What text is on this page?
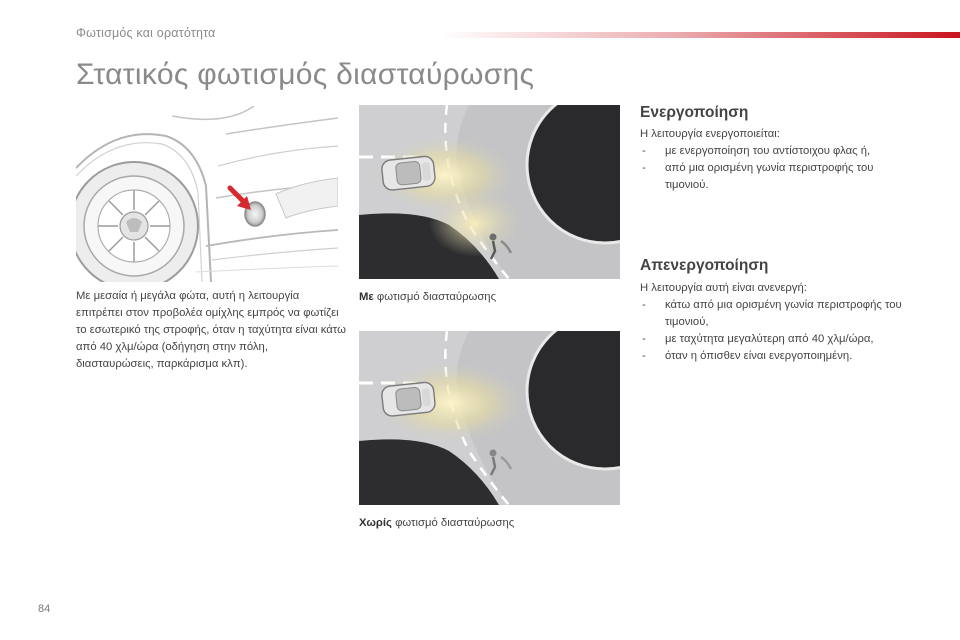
Φωτισμός και ορατότητα
Στατικός φωτισμός διασταύρωσης
Με μεσαία ή μεγάλα φώτα, αυτή η λειτουργία επιτρέπει στον προβολέα ομίχλης εμπρός να φωτίζει το εσωτερικό της στροφής, όταν η ταχύτητα είναι κάτω από 40 χλμ/ώρα (οδήγηση στην πόλη, διασταυρώσεις, παρκάρισμα κλπ).
Με φωτισμό διασταύρωσης
Χωρίς φωτισμό διασταύρωσης
Ενεργοποίηση
Η λειτουργία ενεργοποιείται:
- με ενεργοποίηση του αντίστοιχου φλας ή,
- από μια ορισμένη γωνία περιστροφής του τιμονιού.
Απενεργοποίηση
Η λειτουργία αυτή είναι ανενεργή:
- κάτω από μια ορισμένη γωνία περιστροφής του τιμονιού,
- με ταχύτητα μεγαλύτερη από 40 χλμ/ώρα,
- όταν η όπισθεν είναι ενεργοποιημένη.
84
